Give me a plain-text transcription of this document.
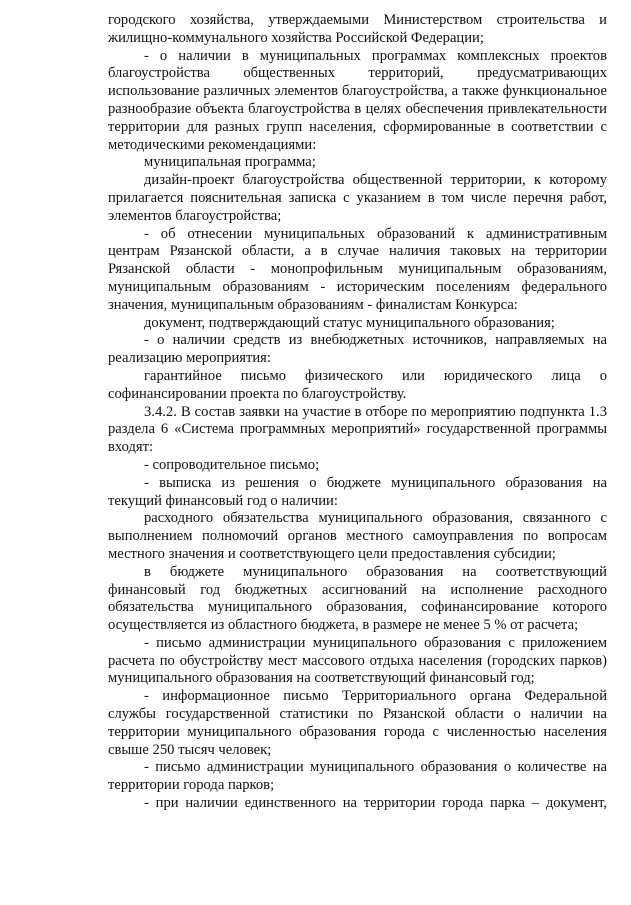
городского хозяйства, утверждаемыми Министерством строительства и жилищно-коммунального хозяйства Российской Федерации;

- о наличии в муниципальных программах комплексных проектов благоустройства общественных территорий, предусматривающих использование различных элементов благоустройства, а также функциональное разнообразие объекта благоустройства в целях обеспечения привлекательности территории для разных групп населения, сформированные в соответствии с методическими рекомендациями:

муниципальная программа;

дизайн-проект благоустройства общественной территории, к которому прилагается пояснительная записка с указанием в том числе перечня работ, элементов благоустройства;

- об отнесении муниципальных образований к административным центрам Рязанской области, а в случае наличия таковых на территории Рязанской области - монопрофильным муниципальным образованиям, муниципальным образованиям - историческим поселениям федерального значения, муниципальным образованиям - финалистам Конкурса:

документ, подтверждающий статус муниципального образования;

- о наличии средств из внебюджетных источников, направляемых на реализацию мероприятия:

гарантийное письмо физического или юридического лица о софинансировании проекта по благоустройству.

3.4.2. В состав заявки на участие в отборе по мероприятию подпункта 1.3 раздела 6 «Система программных мероприятий» государственной программы входят:

- сопроводительное письмо;

- выписка из решения о бюджете муниципального образования на текущий финансовый год о наличии:

расходного обязательства муниципального образования, связанного с выполнением полномочий органов местного самоуправления по вопросам местного значения и соответствующего цели предоставления субсидии;

в бюджете муниципального образования на соответствующий финансовый год бюджетных ассигнований на исполнение расходного обязательства муниципального образования, софинансирование которого осуществляется из областного бюджета, в размере не менее 5 % от расчета;

- письмо администрации муниципального образования с приложением расчета по обустройству мест массового отдыха населения (городских парков) муниципального образования на соответствующий финансовый год;

- информационное письмо Территориального органа Федеральной службы государственной статистики по Рязанской области о наличии на территории муниципального образования города с численностью населения свыше 250 тысяч человек;

- письмо администрации муниципального образования о количестве на территории города парков;

- при наличии единственного на территории города парка – документ,
